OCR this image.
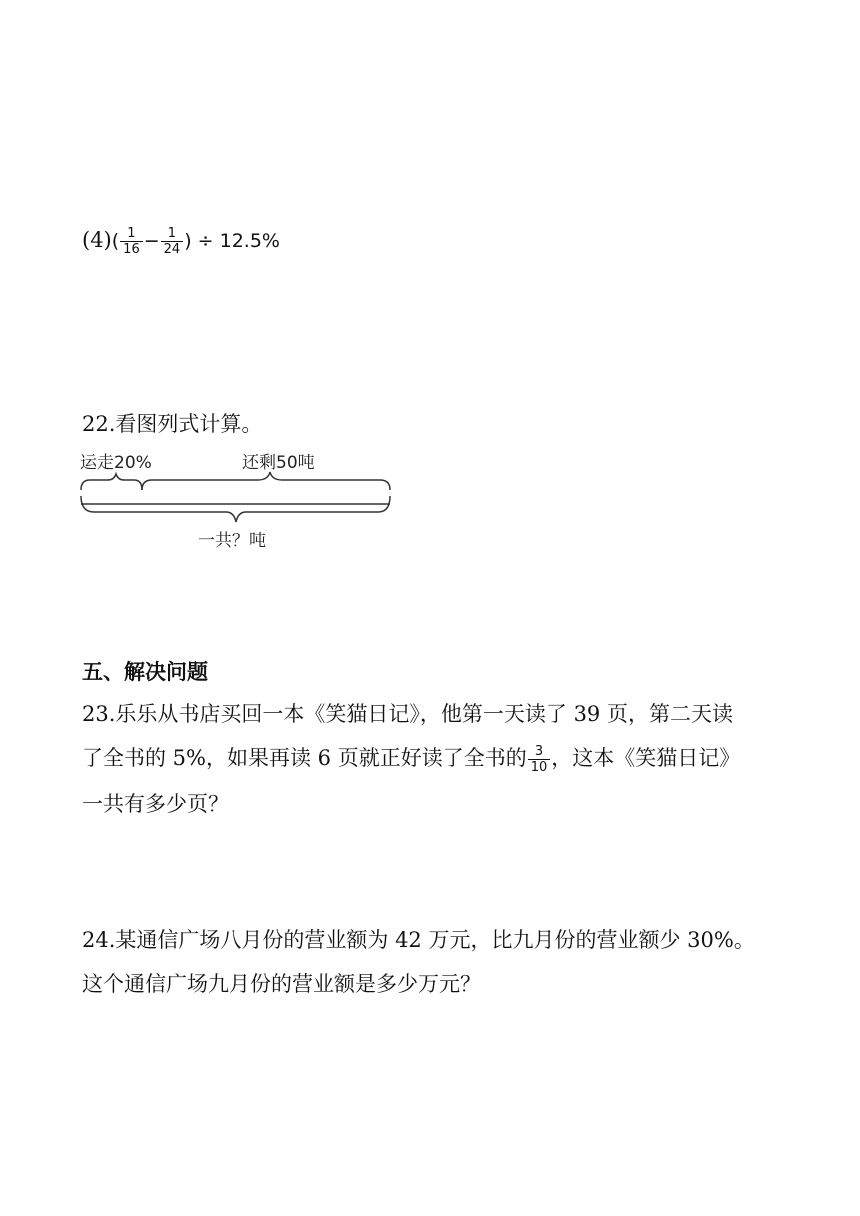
$(4)( \frac{1}{16} - \frac{1}{24}$ ) ÷ 12.5%
22.看图列式计算。
运走20%	还剩50吨
一共？吨
五、解决问题
23.乐乐从书店买回一本《笑猫日记》，他第一天读了 39 页，第二天读
了全书的 5%，如果再读 6 页就正好读了全书的 $\frac{3}{10}$ ，这本《笑猫日记》
一共有多少页？
24.某通信广场八月份的营业额为 42 万元，比九月份的营业额少 30%。
这个通信广场九月份的营业额是多少万元？
